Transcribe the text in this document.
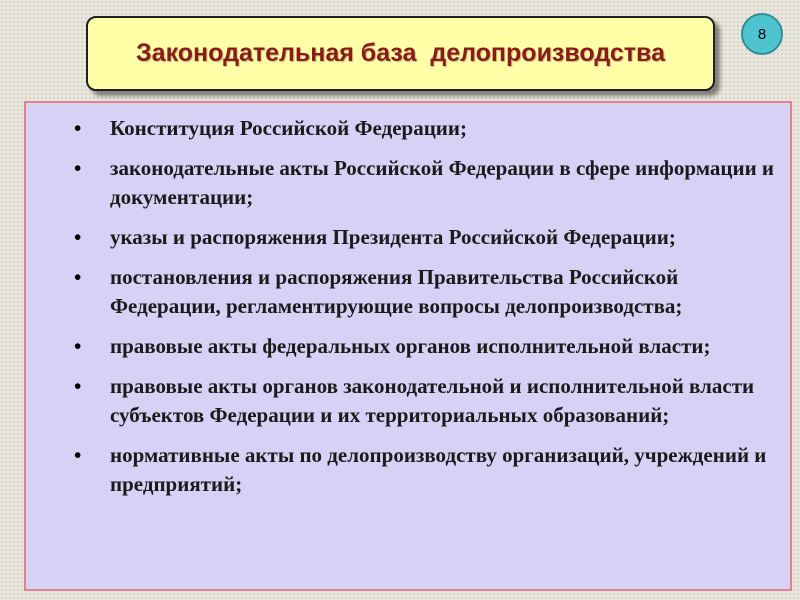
Законодательная база  делопроизводства
8
• Конституция Российской Федерации;
• законодательные акты Российской Федерации в сфере информации и документации;
• указы и распоряжения Президента Российской Федерации;
• постановления и распоряжения Правительства Российской Федерации, регламентирующие вопросы делопроизводства;
• правовые акты федеральных органов исполнительной власти;
• правовые акты органов законодательной и исполнительной власти субъектов Федерации и их территориальных образований;
• нормативные акты по делопроизводству организаций, учреждений и предприятий;
